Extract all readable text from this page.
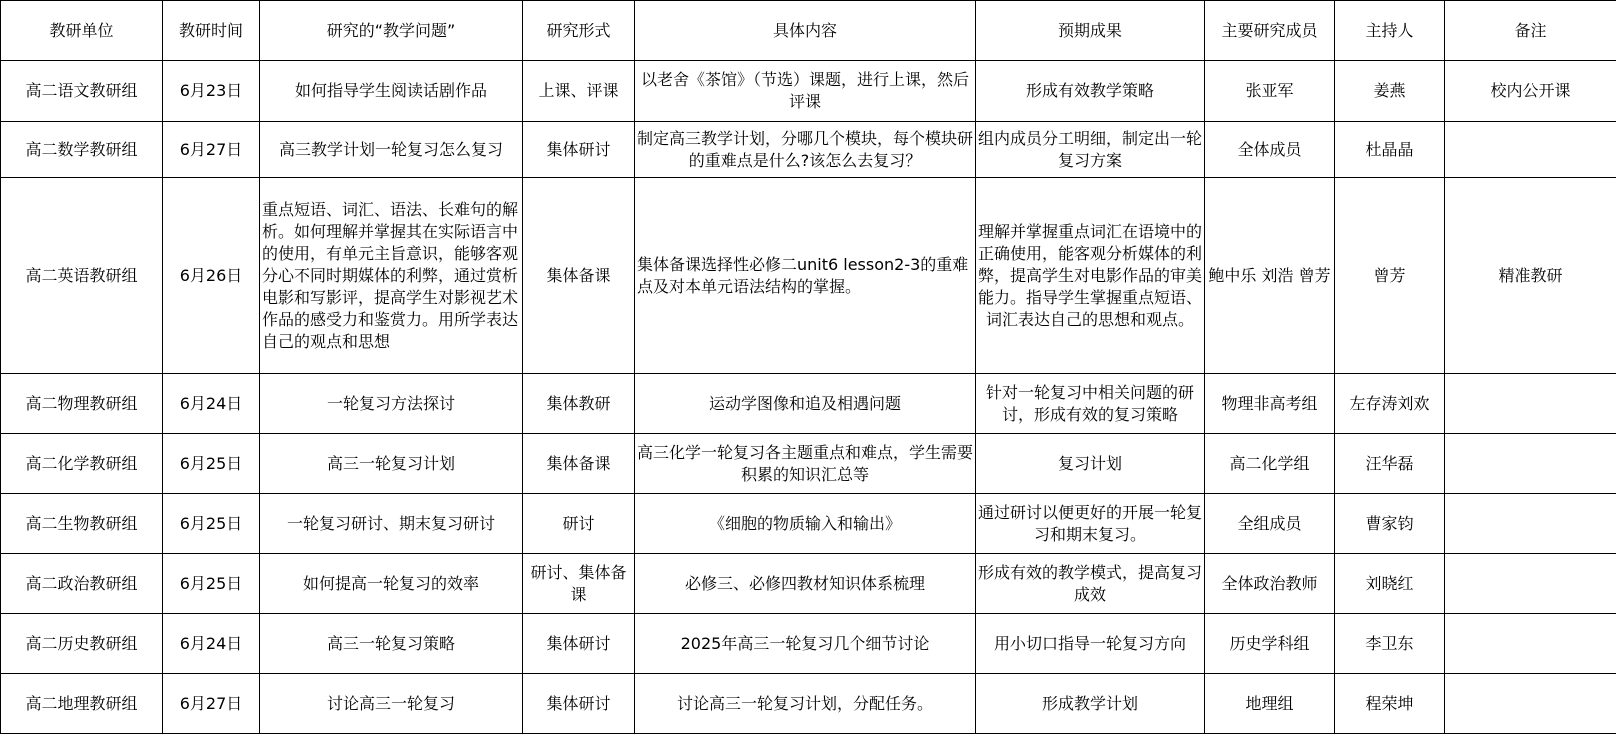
教研单位	教研时间	研究的“教学问题”	研究形式	具体内容	预期成果	主要研究成员	主持人	备注
高二语文教研组	6月23日	如何指导学生阅读话剧作品	上课、评课	以老舍《茶馆》（节选）课题，进行上课，然后评课	形成有效教学策略	张亚军	姜燕	校内公开课
高二数学教研组	6月27日	高三教学计划一轮复习怎么复习	集体研讨	制定高三教学计划，分哪几个模块，每个模块研的重难点是什么?该怎么去复习？	组内成员分工明细，制定出一轮复习方案	全体成员	杜晶晶	
高二英语教研组	6月26日	重点短语、词汇、语法、长难句的解析。如何理解并掌握其在实际语言中的使用，有单元主旨意识，能够客观分心不同时期媒体的利弊，通过赏析电影和写影评，提高学生对影视艺术作品的感受力和鉴赏力。用所学表达自己的观点和思想	集体备课	集体备课选择性必修二unit6 lesson2-3的重难点及对本单元语法结构的掌握。	理解并掌握重点词汇在语境中的正确使用，能客观分析媒体的利弊，提高学生对电影作品的审美能力。指导学生掌握重点短语、词汇表达自己的思想和观点。	鲍中乐 刘浩 曾芳	曾芳	精准教研
高二物理教研组	6月24日	一轮复习方法探讨	集体教研	运动学图像和追及相遇问题	针对一轮复习中相关问题的研讨，形成有效的复习策略	物理非高考组	左存涛刘欢	
高二化学教研组	6月25日	高三一轮复习计划	集体备课	高三化学一轮复习各主题重点和难点，学生需要积累的知识汇总等	复习计划	高二化学组	汪华磊	
高二生物教研组	6月25日	一轮复习研讨、期末复习研讨	研讨	《细胞的物质输入和输出》	通过研讨以便更好的开展一轮复习和期末复习。	全组成员	曹家钧	
高二政治教研组	6月25日	如何提高一轮复习的效率	研讨、集体备课	必修三、必修四教材知识体系梳理	形成有效的教学模式，提高复习成效	全体政治教师	刘晓红	
高二历史教研组	6月24日	高三一轮复习策略	集体研讨	2025年高三一轮复习几个细节讨论	用小切口指导一轮复习方向	历史学科组	李卫东	
高二地理教研组	6月27日	讨论高三一轮复习	集体研讨	讨论高三一轮复习计划，分配任务。	形成教学计划	地理组	程荣坤	
